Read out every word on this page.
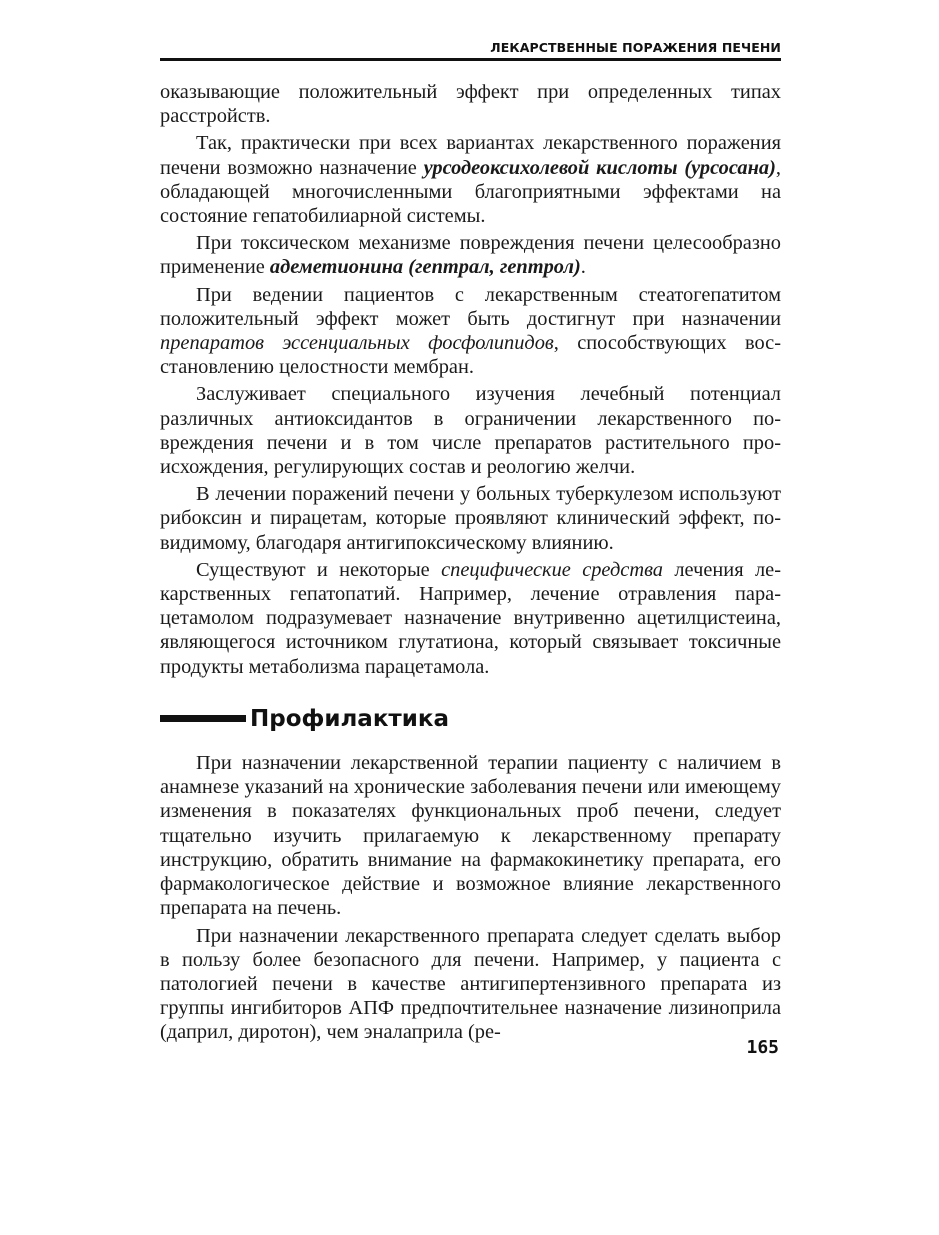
ЛЕКАРСТВЕННЫЕ ПОРАЖЕНИЯ ПЕЧЕНИ

оказывающие положительный эффект при определенных типах расстройств.

Так, практически при всех вариантах лекарственного поражения печени возможно назначение урсодеоксихолевой кислоты (урсосана), обладающей многочисленными благоприятными эффектами на состояние гепатобилиарной системы.

При токсическом механизме повреждения печени целесообразно применение адеметионина (гептрал, гептрол).

При ведении пациентов с лекарственным стеатогепатитом положительный эффект может быть достигнут при назначении препаратов эссенциальных фосфолипидов, способствующих восстановлению целостности мембран.

Заслуживает специального изучения лечебный потенциал различных антиоксидантов в ограничении лекарственного повреждения печени и в том числе препаратов растительного происхождения, регулирующих состав и реологию желчи.

В лечении поражений печени у больных туберкулезом используют рибоксин и пирацетам, которые проявляют клинический эффект, по-видимому, благодаря антигипоксическому влиянию.

Существуют и некоторые специфические средства лечения лекарственных гепатопатий. Например, лечение отравления парацетамолом подразумевает назначение внутривенно ацетилцистеина, являющегося источником глутатиона, который связывает токсичные продукты метаболизма парацетамола.

Профилактика

При назначении лекарственной терапии пациенту с наличием в анамнезе указаний на хронические заболевания печени или имеющему изменения в показателях функциональных проб печени, следует тщательно изучить прилагаемую к лекарственному препарату инструкцию, обратить внимание на фармакокинетику препарата, его фармакологическое действие и возможное влияние лекарственного препарата на печень.

При назначении лекарственного препарата следует сделать выбор в пользу более безопасного для печени. Например, у пациента с патологией печени в качестве антигипертензивного препарата из группы ингибиторов АПФ предпочтительнее назначение лизиноприла (даприл, диротон), чем эналаприла (ре-

165
